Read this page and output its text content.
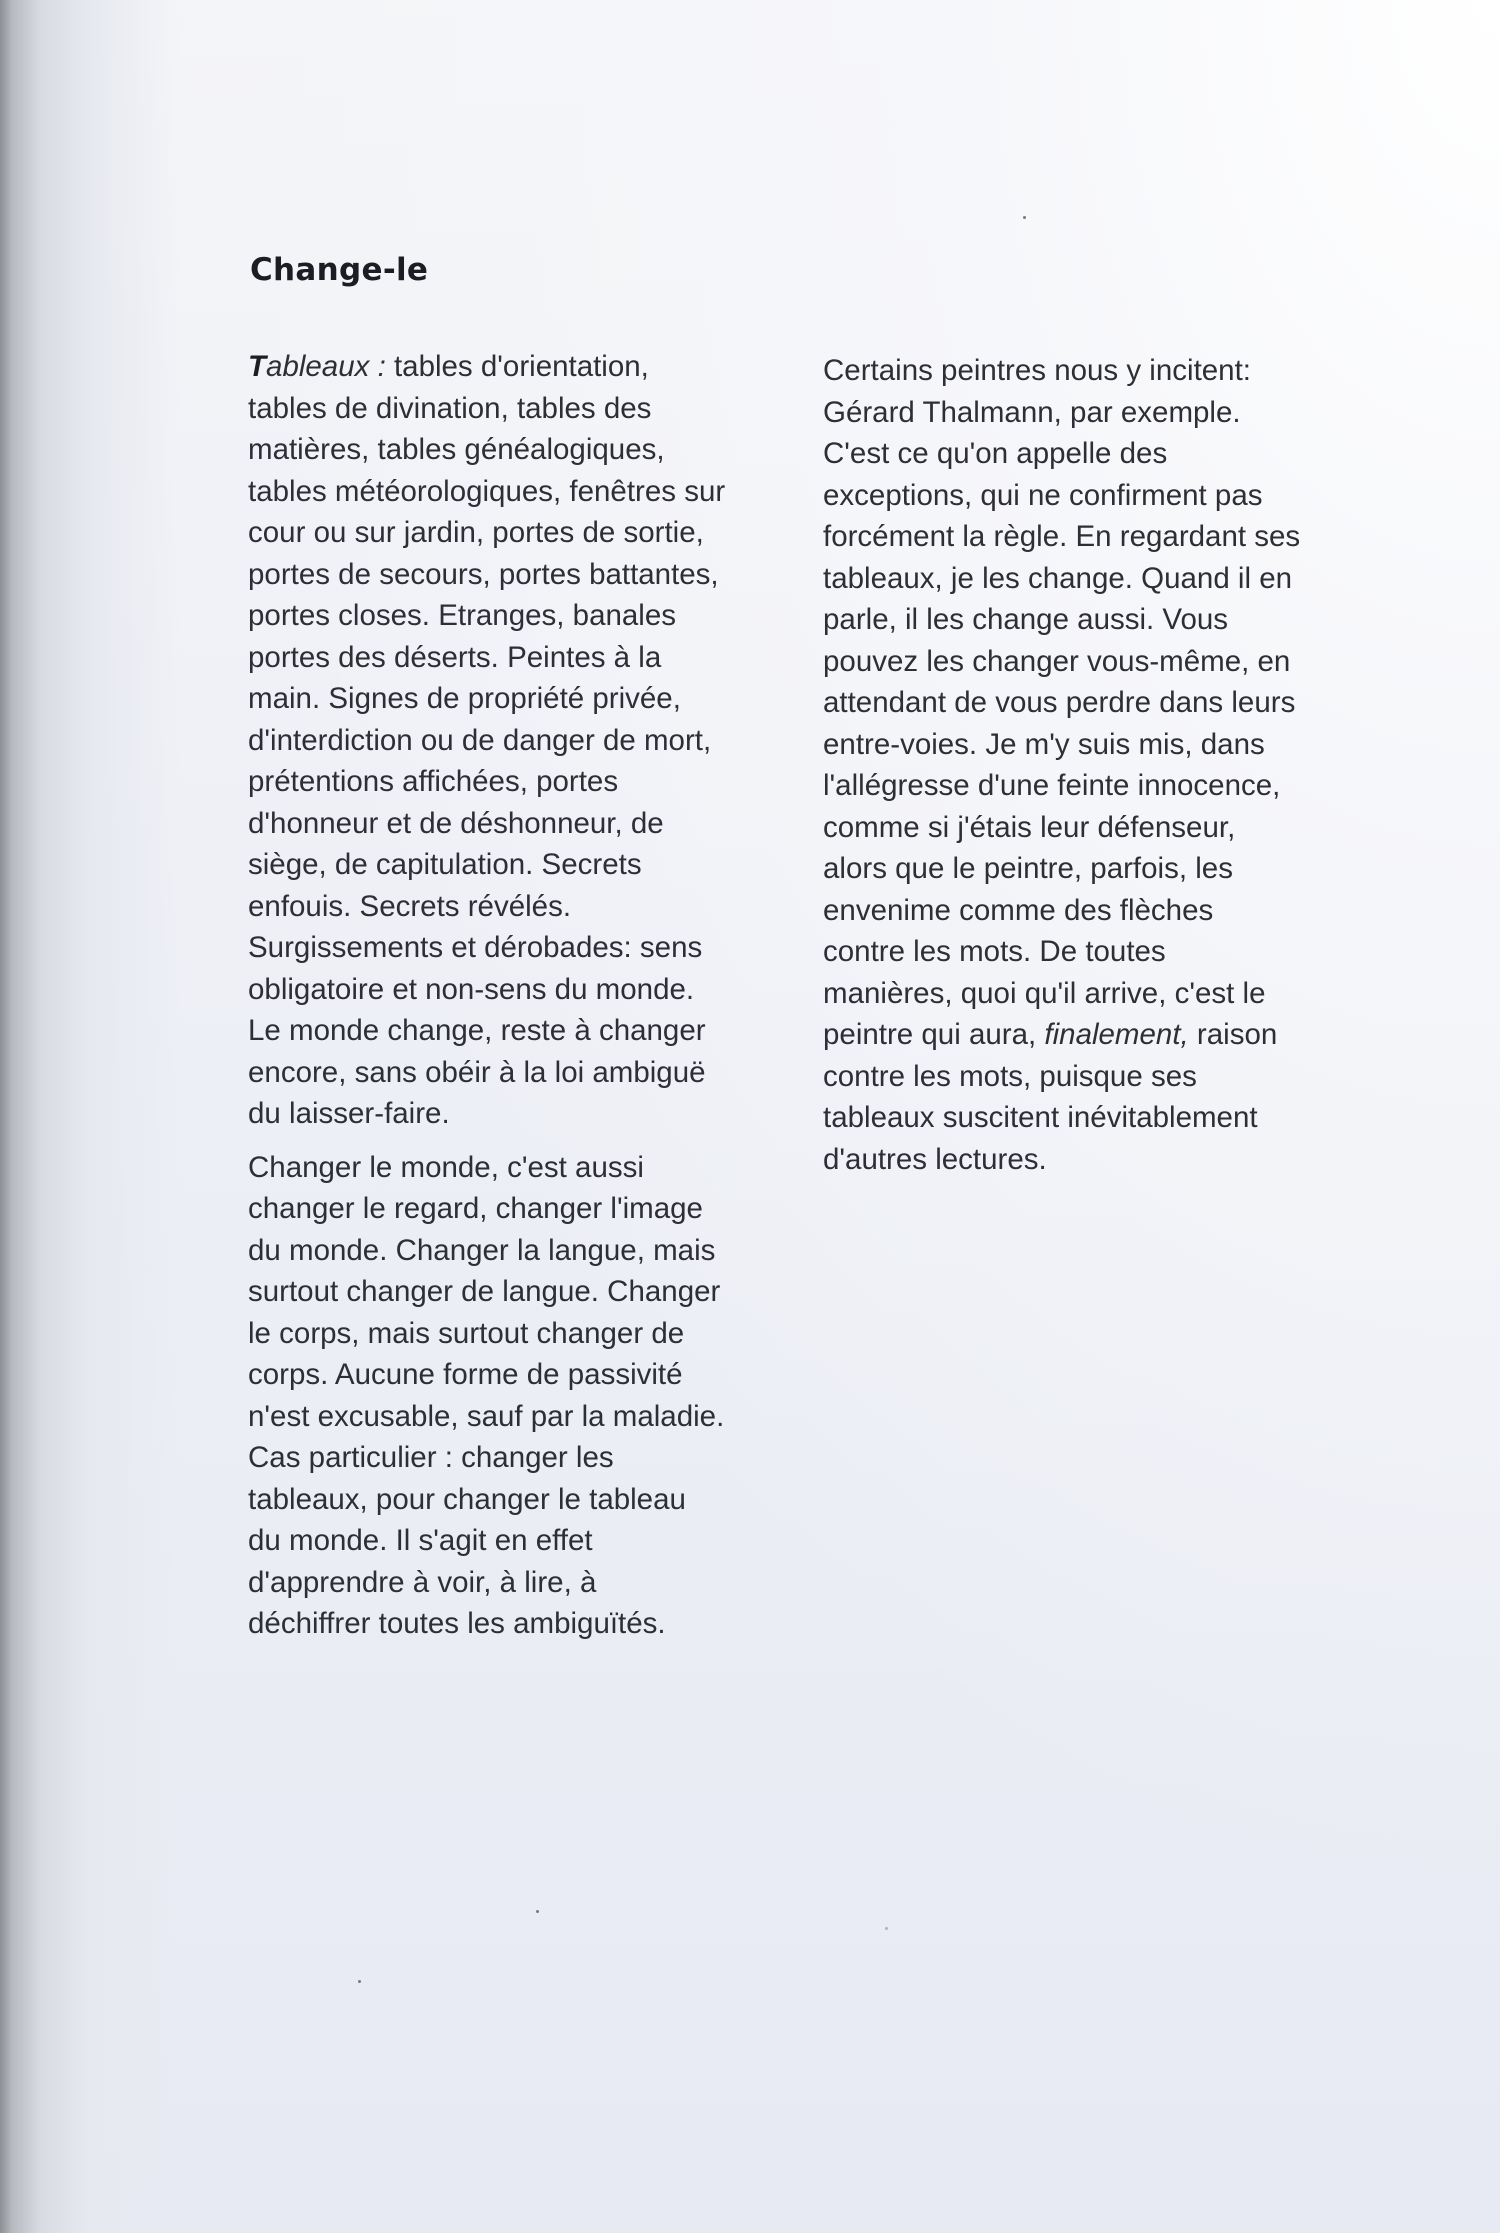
Change-le

Tableaux : tables d'orientation,
tables de divination, tables des
matières, tables généalogiques,
tables météorologiques, fenêtres sur
cour ou sur jardin, portes de sortie,
portes de secours, portes battantes,
portes closes. Etranges, banales
portes des déserts. Peintes à la
main. Signes de propriété privée,
d'interdiction ou de danger de mort,
prétentions affichées, portes
d'honneur et de déshonneur, de
siège, de capitulation. Secrets
enfouis. Secrets révélés.
Surgissements et dérobades: sens
obligatoire et non-sens du monde.
Le monde change, reste à changer
encore, sans obéir à la loi ambiguë
du laisser-faire.

Changer le monde, c'est aussi
changer le regard, changer l'image
du monde. Changer la langue, mais
surtout changer de langue. Changer
le corps, mais surtout changer de
corps. Aucune forme de passivité
n'est excusable, sauf par la maladie.
Cas particulier : changer les
tableaux, pour changer le tableau
du monde. Il s'agit en effet
d'apprendre à voir, à lire, à
déchiffrer toutes les ambiguïtés.

Certains peintres nous y incitent:
Gérard Thalmann, par exemple.
C'est ce qu'on appelle des
exceptions, qui ne confirment pas
forcément la règle. En regardant ses
tableaux, je les change. Quand il en
parle, il les change aussi. Vous
pouvez les changer vous-même, en
attendant de vous perdre dans leurs
entre-voies. Je m'y suis mis, dans
l'allégresse d'une feinte innocence,
comme si j'étais leur défenseur,
alors que le peintre, parfois, les
envenime comme des flèches
contre les mots. De toutes
manières, quoi qu'il arrive, c'est le
peintre qui aura, finalement, raison
contre les mots, puisque ses
tableaux suscitent inévitablement
d'autres lectures.
